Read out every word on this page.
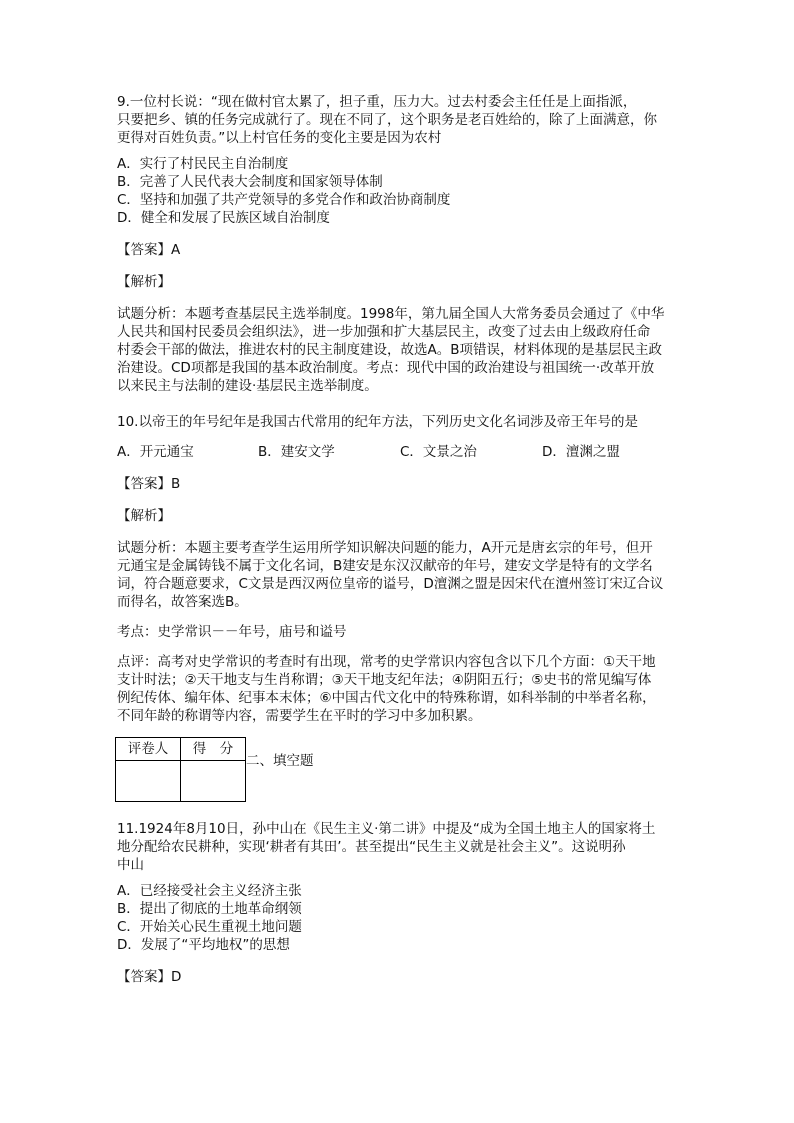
9.一位村长说：“现在做村官太累了，担子重，压力大。过去村委会主任任是上面指派，

只要把乡、镇的任务完成就行了。现在不同了，这个职务是老百姓给的，除了上面满意，你

更得对百姓负责。”以上村官任务的变化主要是因为农村

A．实行了村民民主自治制度

B．完善了人民代表大会制度和国家领导体制

C．坚持和加强了共产党领导的多党合作和政治协商制度

D．健全和发展了民族区域自治制度

【答案】A

【解析】

试题分析：本题考查基层民主选举制度。1998年，第九届全国人大常务委员会通过了《中华

人民共和国村民委员会组织法》，进一步加强和扩大基层民主，改变了过去由上级政府任命

村委会干部的做法，推进农村的民主制度建设，故选A。B项错误，材料体现的是基层民主政

治建设。CD项都是我国的基本政治制度。考点：现代中国的政治建设与祖国统一·改革开放

以来民主与法制的建设·基层民主选举制度。

10.以帝王的年号纪年是我国古代常用的纪年方法，下列历史文化名词涉及帝王年号的是

A．开元通宝	B．建安文学	C．文景之治	D．澶渊之盟

【答案】B

【解析】

试题分析：本题主要考查学生运用所学知识解决问题的能力，A开元是唐玄宗的年号，但开

元通宝是金属铸钱不属于文化名词，B建安是东汉汉献帝的年号，建安文学是特有的文学名

词，符合题意要求，C文景是西汉两位皇帝的谥号，D澶渊之盟是因宋代在澶州签订宋辽合议

而得名，故答案选B。

考点：史学常识－－年号，庙号和谥号

点评：高考对史学常识的考查时有出现，常考的史学常识内容包含以下几个方面：①天干地

支计时法；②天干地支与生肖称谓；③天干地支纪年法；④阴阳五行；⑤史书的常见编写体

例纪传体、编年体、纪事本末体；⑥中国古代文化中的特殊称谓，如科举制的中举者名称，

不同年龄的称谓等内容，需要学生在平时的学习中多加积累。

评卷人	得　分

二、填空题

11.1924年8月10日，孙中山在《民生主义·第二讲》中提及“成为全国土地主人的国家将土

地分配给农民耕种，实现‘耕者有其田’。甚至提出“民生主义就是社会主义”。这说明孙

中山

A．已经接受社会主义经济主张

B．提出了彻底的土地革命纲领

C．开始关心民生重视土地问题

D．发展了“平均地权”的思想

【答案】D
